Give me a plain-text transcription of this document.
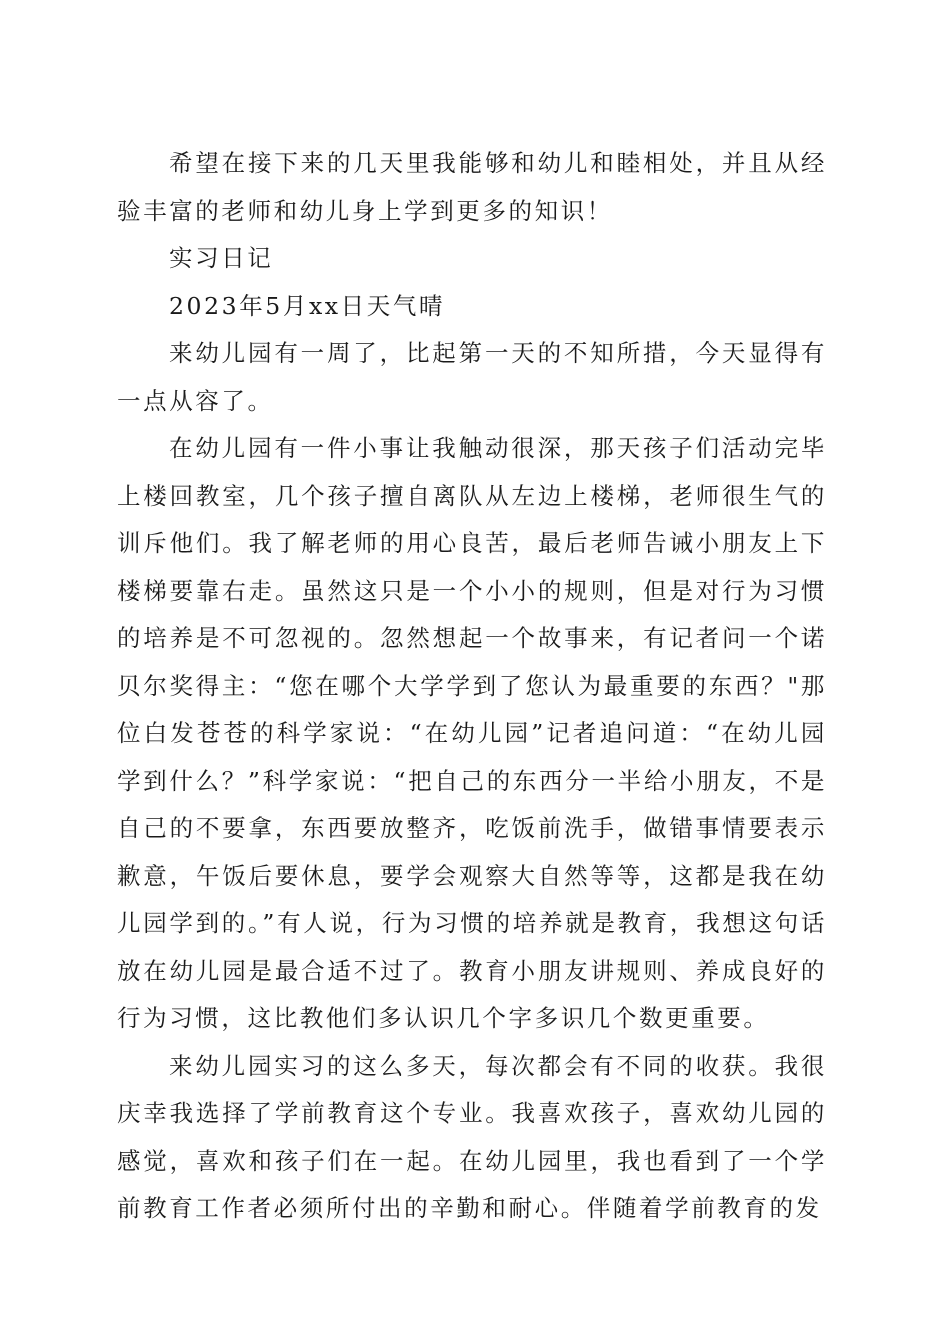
希望在接下来的几天里我能够和幼儿和睦相处，并且从经验丰富的老师和幼儿身上学到更多的知识！

实习日记

2023年5月xx日天气晴

来幼儿园有一周了，比起第一天的不知所措，今天显得有一点从容了。

在幼儿园有一件小事让我触动很深，那天孩子们活动完毕上楼回教室，几个孩子擅自离队从左边上楼梯，老师很生气的训斥他们。我了解老师的用心良苦，最后老师告诫小朋友上下楼梯要靠右走。虽然这只是一个小小的规则，但是对行为习惯的培养是不可忽视的。忽然想起一个故事来，有记者问一个诺贝尔奖得主：“您在哪个大学学到了您认为最重要的东西？"那位白发苍苍的科学家说：“在幼儿园”记者追问道：“在幼儿园学到什么？”科学家说：“把自己的东西分一半给小朋友，不是自己的不要拿，东西要放整齐，吃饭前洗手，做错事情要表示歉意，午饭后要休息，要学会观察大自然等等，这都是我在幼儿园学到的。”有人说，行为习惯的培养就是教育，我想这句话放在幼儿园是最合适不过了。教育小朋友讲规则、养成良好的行为习惯，这比教他们多认识几个字多识几个数更重要。

来幼儿园实习的这么多天，每次都会有不同的收获。我很庆幸我选择了学前教育这个专业。我喜欢孩子，喜欢幼儿园的感觉，喜欢和孩子们在一起。在幼儿园里，我也看到了一个学前教育工作者必须所付出的辛勤和耐心。伴随着学前教育的发
